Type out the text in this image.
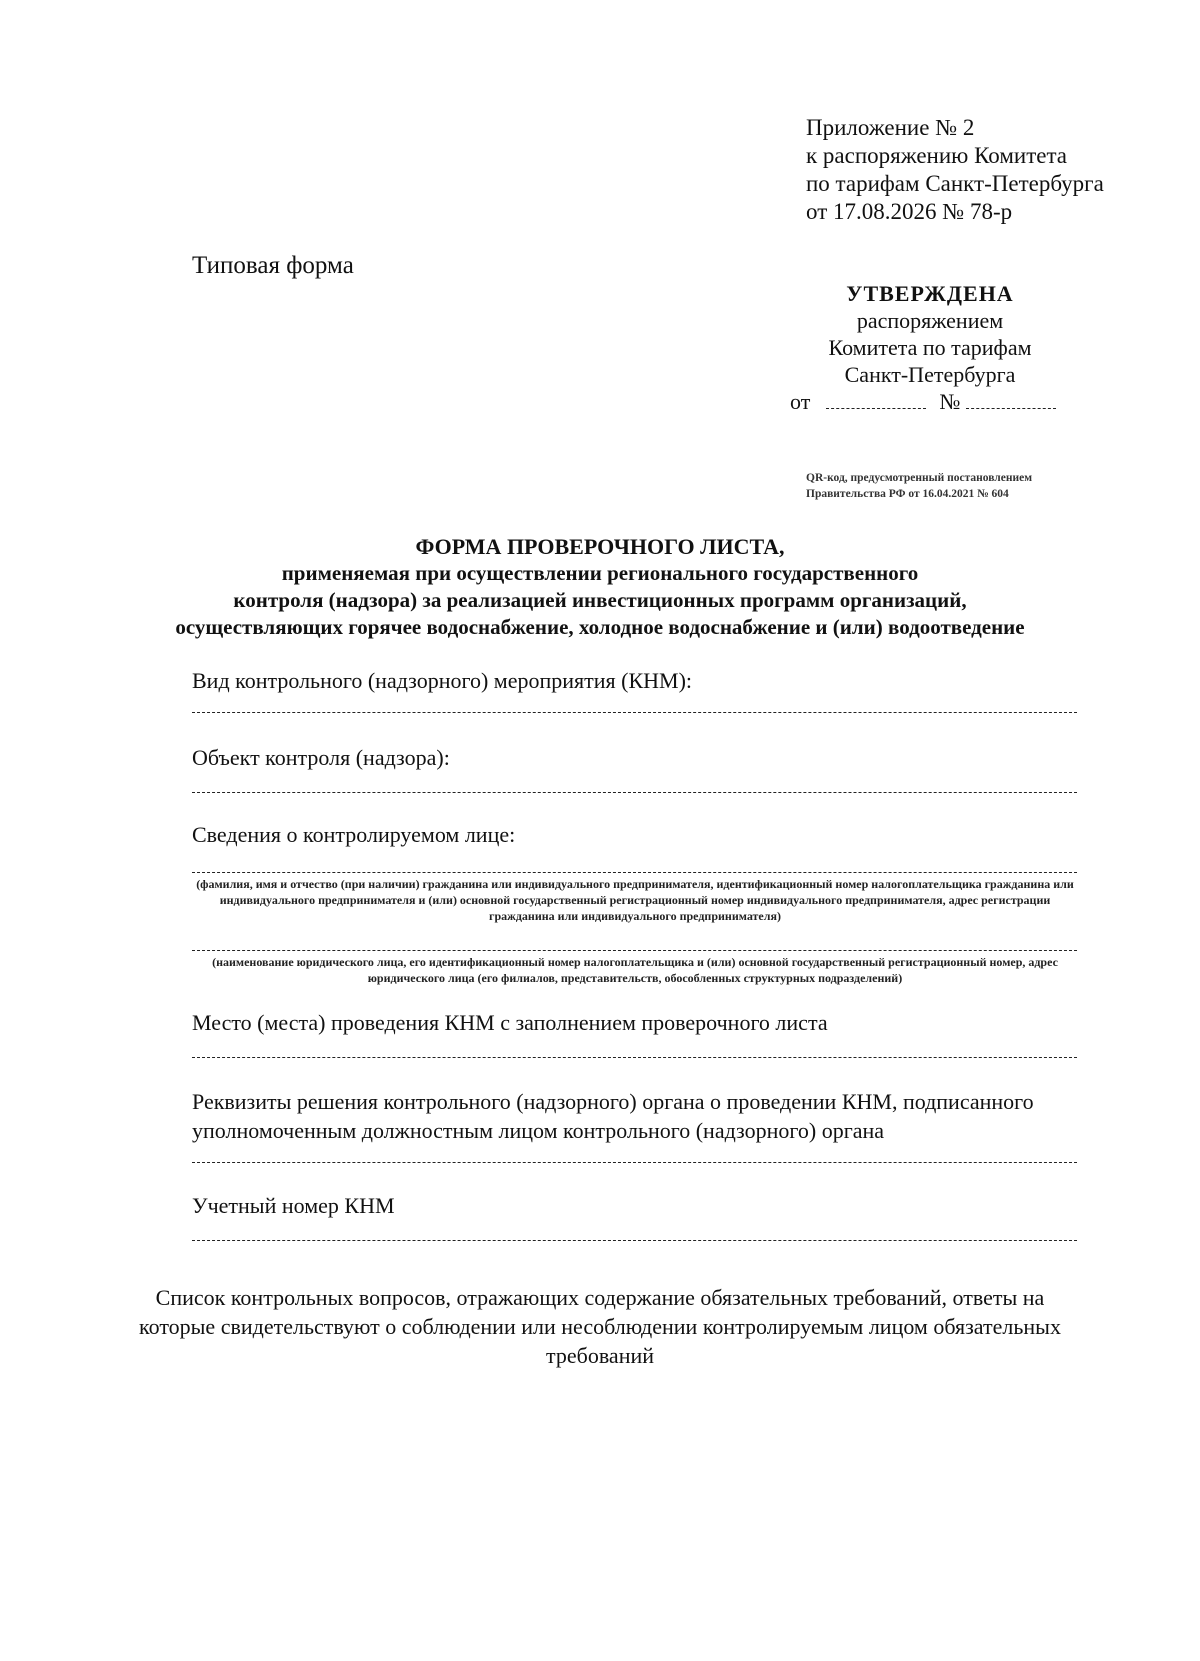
Приложение № 2
к распоряжению Комитета
по тарифам Санкт-Петербурга
от 17.08.2026 № 78-р
Типовая форма
УТВЕРЖДЕНА
распоряжением
Комитета по тарифам
Санкт-Петербурга
от	№
QR-код, предусмотренный постановлением
Правительства РФ от 16.04.2021 № 604
ФОРМА ПРОВЕРОЧНОГО ЛИСТА,
применяемая при осуществлении регионального государственного
контроля (надзора) за реализацией инвестиционных программ организаций,
осуществляющих горячее водоснабжение, холодное водоснабжение и (или) водоотведение
Вид контрольного (надзорного) мероприятия (КНМ):
Объект контроля (надзора):
Сведения о контролируемом лице:
(фамилия, имя и отчество (при наличии) гражданина или индивидуального предпринимателя, идентификационный номер налогоплательщика гражданина или индивидуального предпринимателя и (или) основной государственный регистрационный номер индивидуального предпринимателя, адрес регистрации гражданина или индивидуального предпринимателя)
(наименование юридического лица, его идентификационный номер налогоплательщика и (или) основной государственный регистрационный номер, адрес юридического лица (его филиалов, представительств, обособленных структурных подразделений)
Место (места) проведения КНМ с заполнением проверочного листа
Реквизиты решения контрольного (надзорного) органа о проведении КНМ, подписанного уполномоченным должностным лицом контрольного (надзорного) органа
Учетный номер КНМ
Список контрольных вопросов, отражающих содержание обязательных требований, ответы на которые свидетельствуют о соблюдении или несоблюдении контролируемым лицом обязательных требований
